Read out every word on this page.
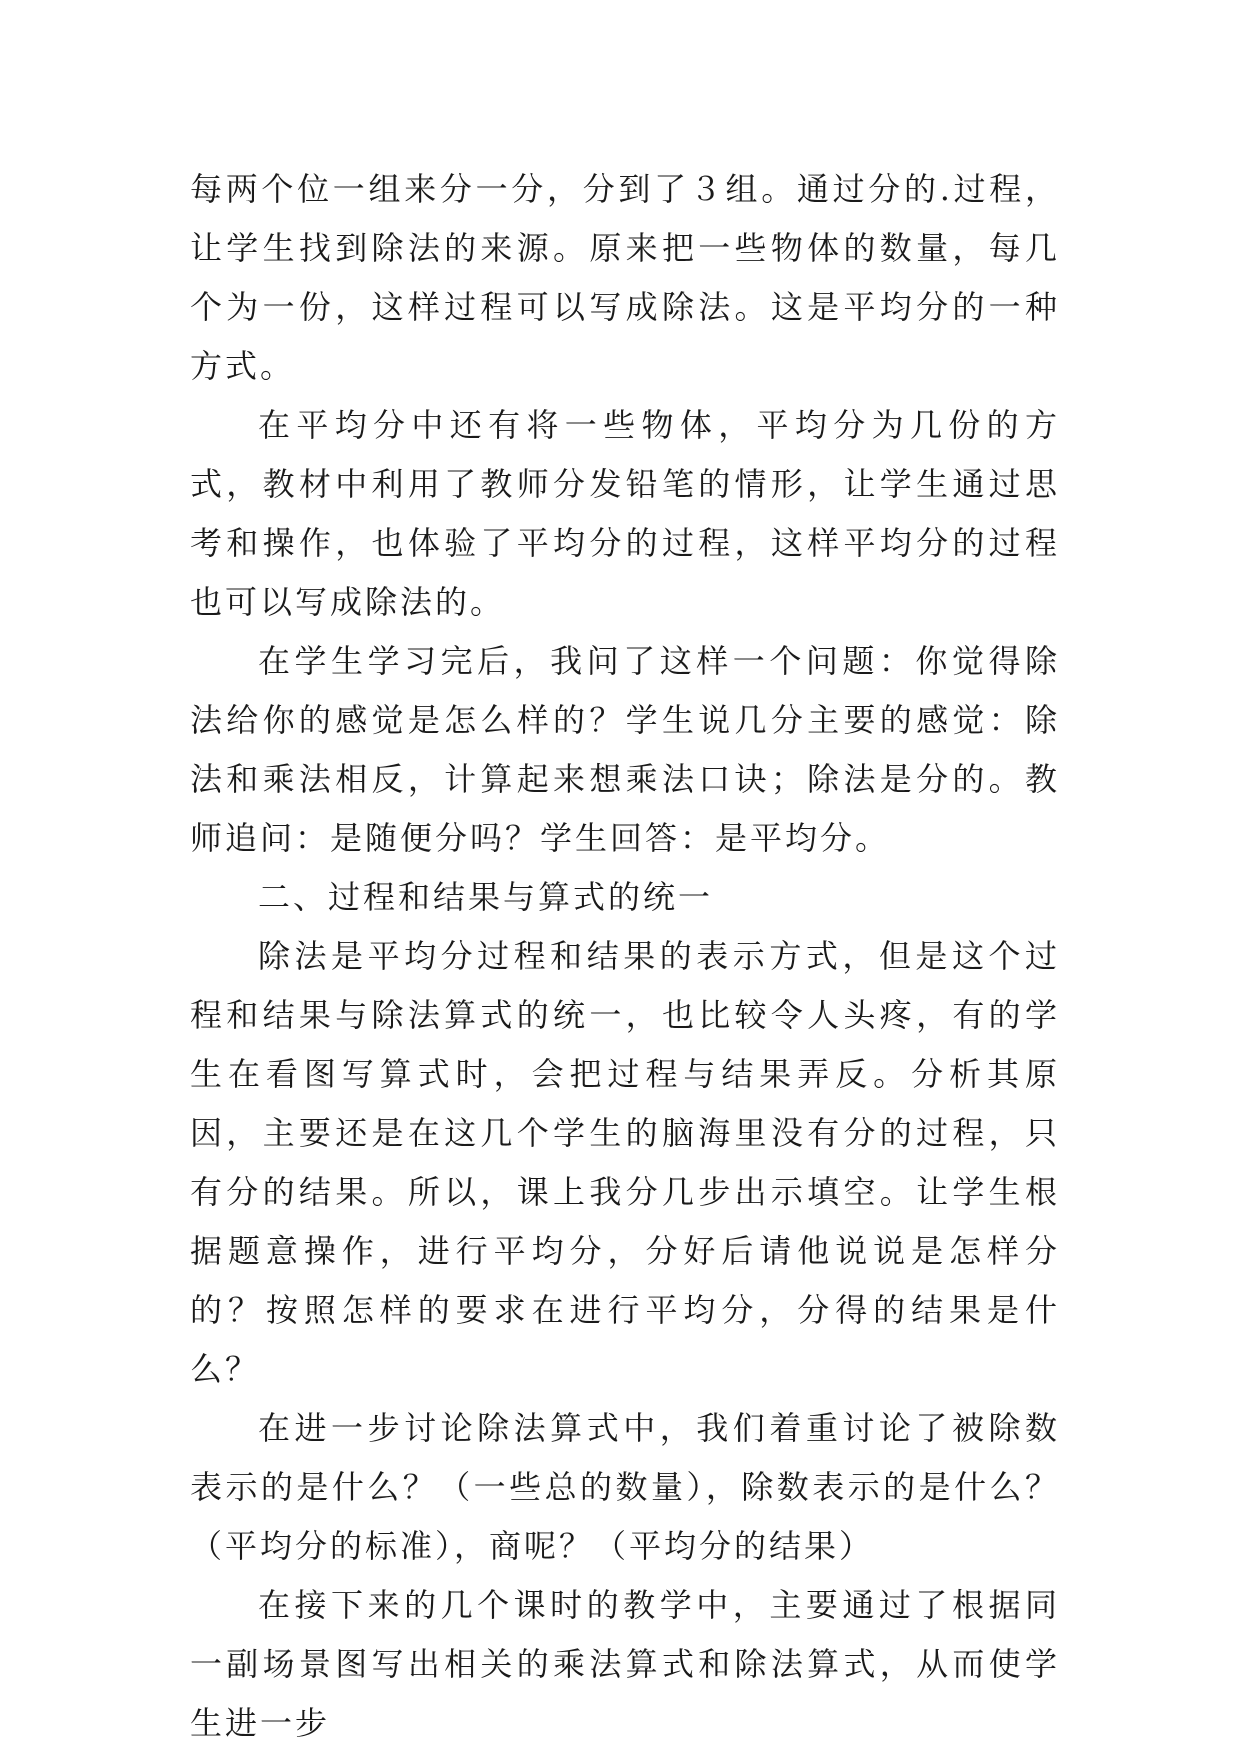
每两个位一组来分一分，分到了３组。通过分的.过程，让学生找到除法的来源。原来把一些物体的数量，每几个为一份，这样过程可以写成除法。这是平均分的一种方式。

在平均分中还有将一些物体，平均分为几份的方式，教材中利用了教师分发铅笔的情形，让学生通过思考和操作，也体验了平均分的过程，这样平均分的过程也可以写成除法的。

在学生学习完后，我问了这样一个问题：你觉得除法给你的感觉是怎么样的？学生说几分主要的感觉：除法和乘法相反，计算起来想乘法口诀；除法是分的。教师追问：是随便分吗？学生回答：是平均分。

二、过程和结果与算式的统一

除法是平均分过程和结果的表示方式，但是这个过程和结果与除法算式的统一，也比较令人头疼，有的学生在看图写算式时，会把过程与结果弄反。分析其原因，主要还是在这几个学生的脑海里没有分的过程，只有分的结果。所以，课上我分几步出示填空。让学生根据题意操作，进行平均分，分好后请他说说是怎样分的？按照怎样的要求在进行平均分，分得的结果是什么？

在进一步讨论除法算式中，我们着重讨论了被除数表示的是什么？（一些总的数量），除数表示的是什么？（平均分的标准），商呢？（平均分的结果）

在接下来的几个课时的教学中，主要通过了根据同一副场景图写出相关的乘法算式和除法算式，从而使学生进一步
